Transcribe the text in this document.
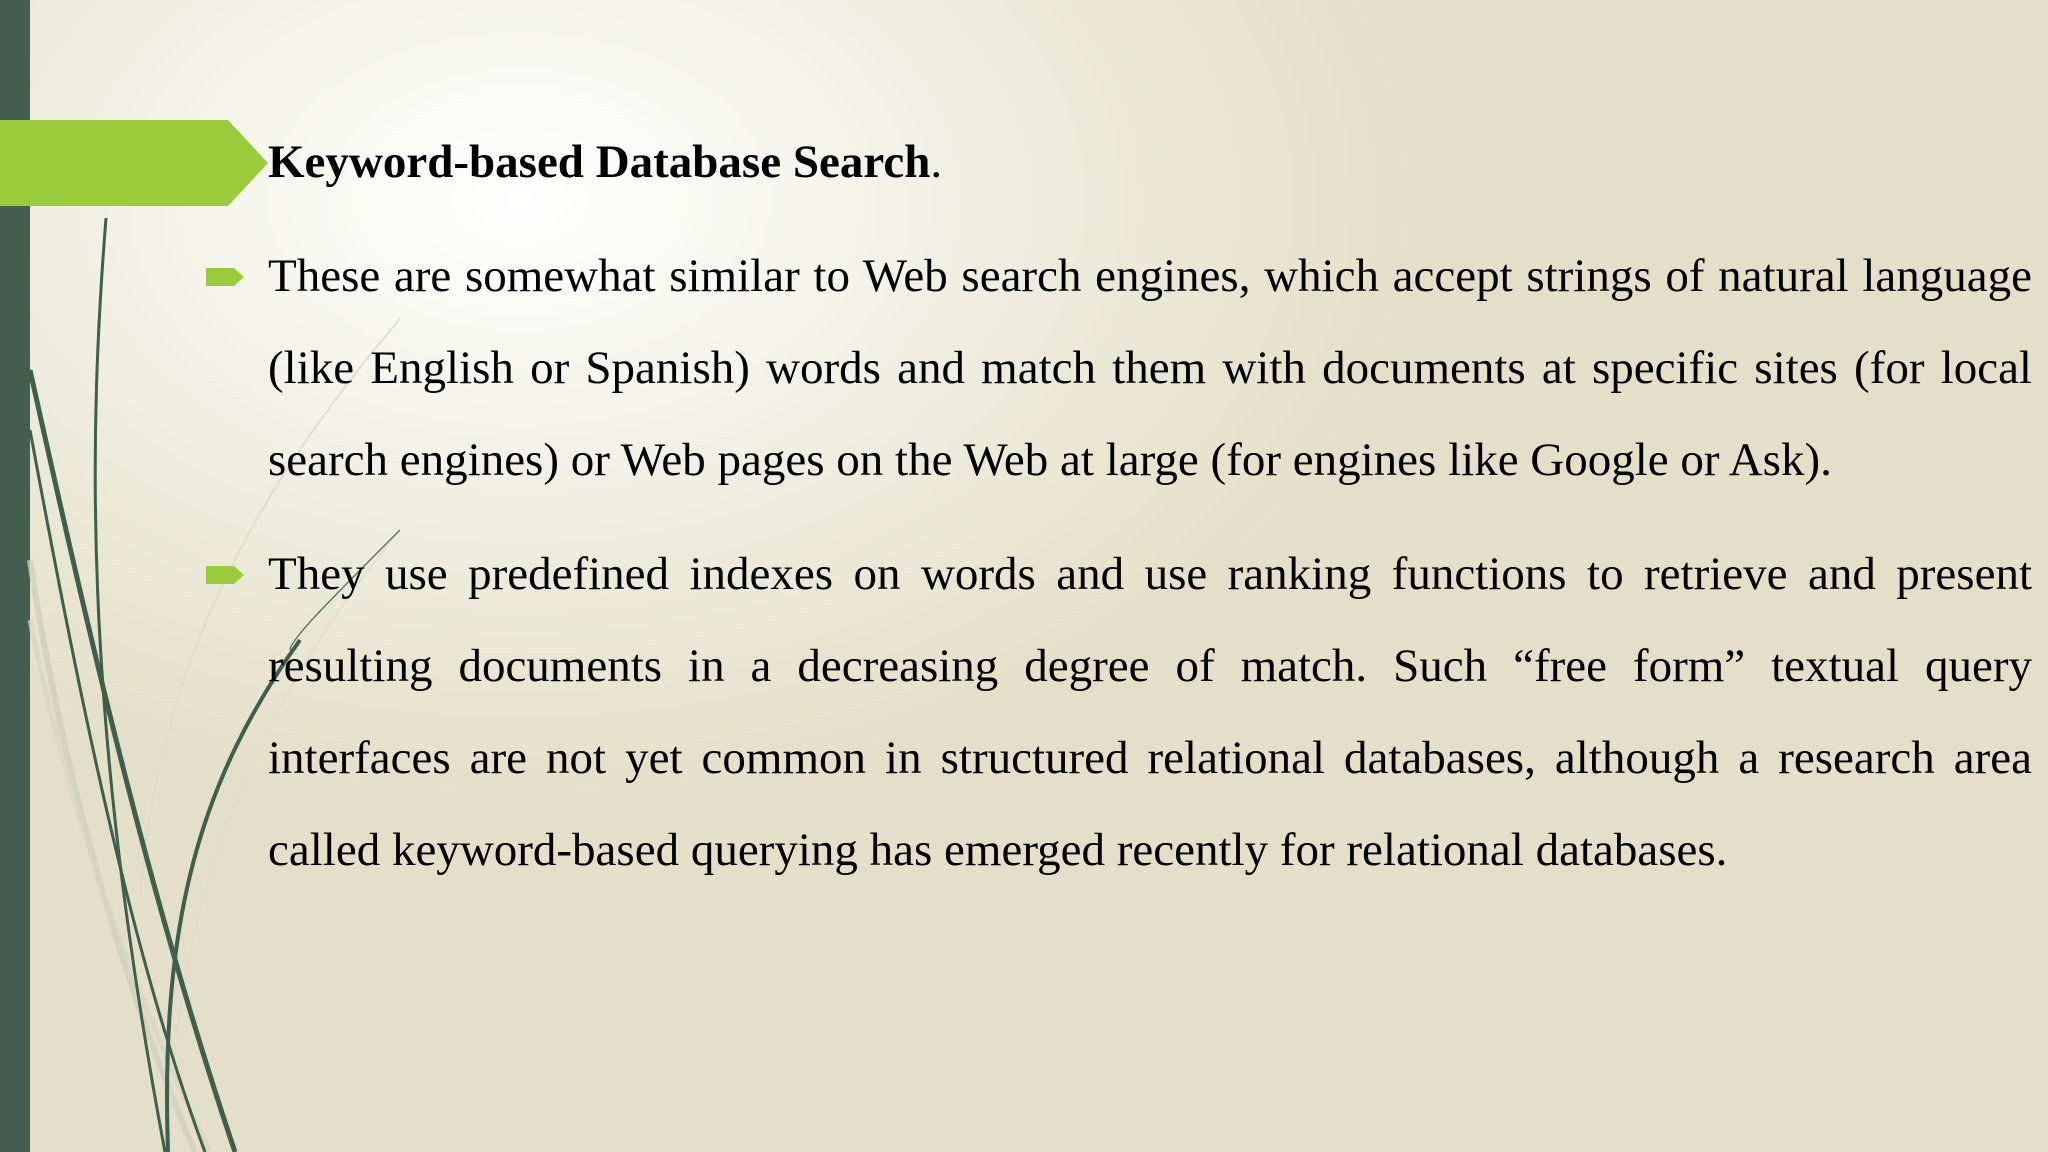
Keyword-based Database Search.
These are somewhat similar to Web search engines, which accept strings of natural language (like English or Spanish) words and match them with documents at specific sites (for local search engines) or Web pages on the Web at large (for engines like Google or Ask).
They use predefined indexes on words and use ranking functions to retrieve and present resulting documents in a decreasing degree of match. Such “free form” textual query interfaces are not yet common in structured relational databases, although a research area called keyword-based querying has emerged recently for relational databases.
